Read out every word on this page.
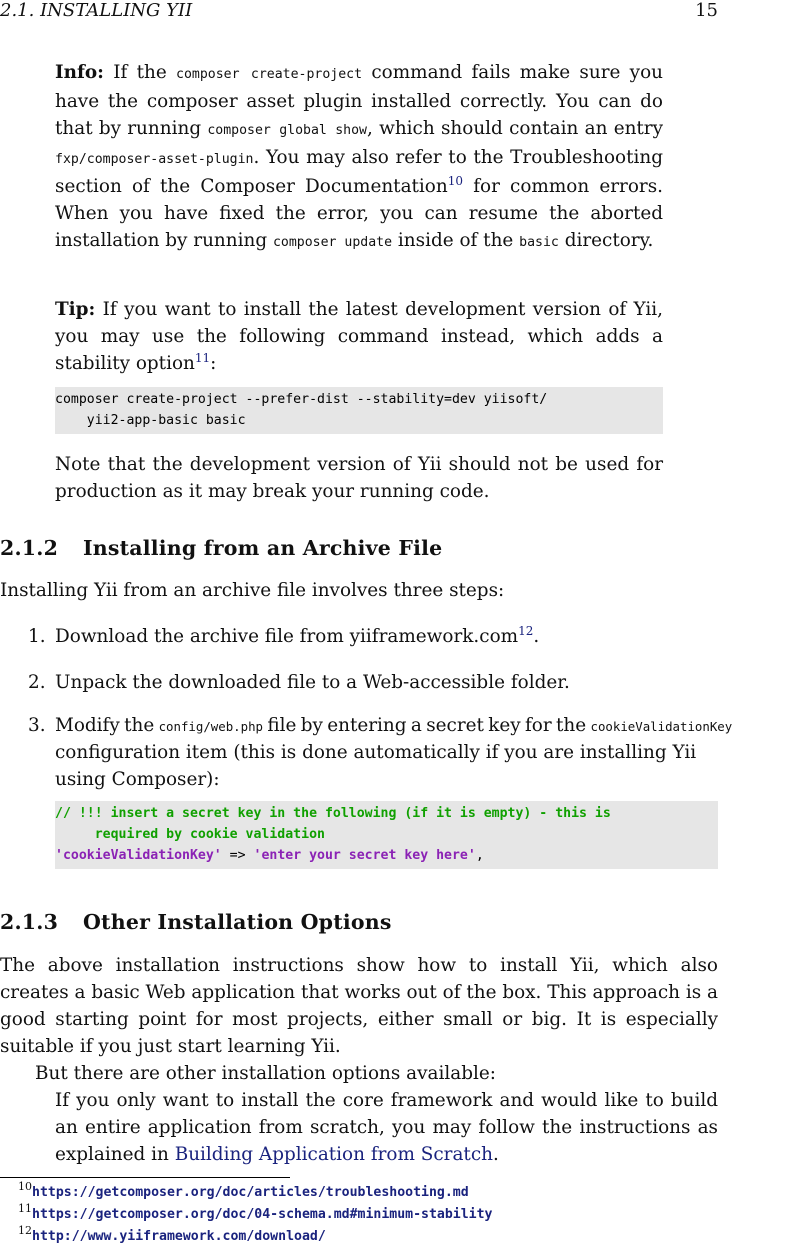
2.1. INSTALLING YII	15

Info: If the composer create-project command fails make sure you have the composer asset plugin installed correctly. You can do that by running composer global show, which should contain an entry fxp/composer-asset-plugin. You may also refer to the Troubleshooting section of the Composer Documentation$^{10}$ for common errors. When you have fixed the error, you can resume the aborted installation by running composer update inside of the basic directory.

Tip: If you want to install the latest development version of Yii, you may use the following command instead, which adds a stability option$^{11}$:

composer create-project --prefer-dist --stability=dev yiisoft/
yii2-app-basic basic

Note that the development version of Yii should not be used for production as it may break your running code.

2.1.2 Installing from an Archive File
Installing Yii from an archive file involves three steps:
1. Download the archive file from yiiframework.com$^{12}$.
2. Unpack the downloaded file to a Web-accessible folder.
3. Modify the config/web.php file by entering a secret key for the cookieValidationKey
configuration item (this is done automatically if you are installing Yii
using Composer):
// !!! insert a secret key in the following (if it is empty) - this is
required by cookie validation
'cookieValidationKey' => 'enter your secret key here',
2.1.3 Other Installation Options

The above installation instructions show how to install Yii, which also creates a basic Web application that works out of the box. This approach is a good starting point for most projects, either small or big. It is especially suitable if you just start learning Yii.

But there are other installation options available:

If you only want to install the core framework and would like to build an entire application from scratch, you may follow the instructions as explained in Building Application from Scratch.

$^{10}$https://getcomposer.org/doc/articles/troubleshooting.md
$^{11}$https://getcomposer.org/doc/04-schema.md#minimum-stability
$^{12}$http://www.yiiframework.com/download/
